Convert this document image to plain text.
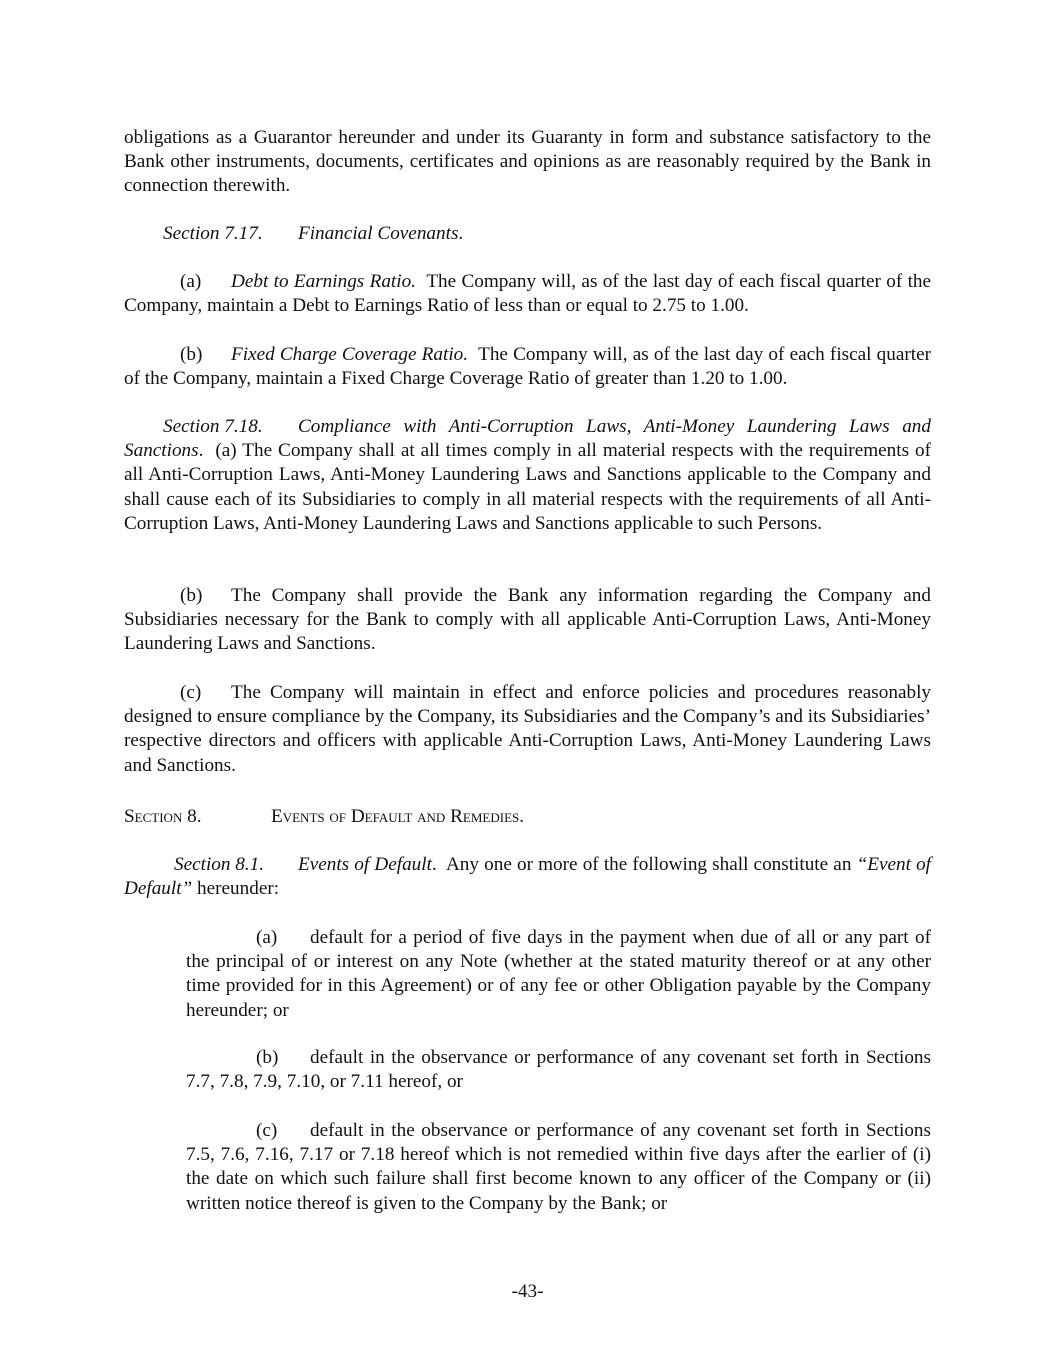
obligations as a Guarantor hereunder and under its Guaranty in form and substance satisfactory to the Bank other instruments, documents, certificates and opinions as are reasonably required by the Bank in connection therewith.

Section 7.17. Financial Covenants.

(a) Debt to Earnings Ratio. The Company will, as of the last day of each fiscal quarter of the Company, maintain a Debt to Earnings Ratio of less than or equal to 2.75 to 1.00.

(b) Fixed Charge Coverage Ratio. The Company will, as of the last day of each fiscal quarter of the Company, maintain a Fixed Charge Coverage Ratio of greater than 1.20 to 1.00.

Section 7.18. Compliance with Anti-Corruption Laws, Anti-Money Laundering Laws and Sanctions. (a) The Company shall at all times comply in all material respects with the requirements of all Anti-Corruption Laws, Anti-Money Laundering Laws and Sanctions applicable to the Company and shall cause each of its Subsidiaries to comply in all material respects with the requirements of all Anti-Corruption Laws, Anti-Money Laundering Laws and Sanctions applicable to such Persons.

(b) The Company shall provide the Bank any information regarding the Company and Subsidiaries necessary for the Bank to comply with all applicable Anti-Corruption Laws, Anti-Money Laundering Laws and Sanctions.

(c) The Company will maintain in effect and enforce policies and procedures reasonably designed to ensure compliance by the Company, its Subsidiaries and the Company’s and its Subsidiaries’ respective directors and officers with applicable Anti-Corruption Laws, Anti-Money Laundering Laws and Sanctions.

Section 8.	Events of Default and Remedies.

Section 8.1. Events of Default. Any one or more of the following shall constitute an “Event of Default” hereunder:

(a) default for a period of five days in the payment when due of all or any part of the principal of or interest on any Note (whether at the stated maturity thereof or at any other time provided for in this Agreement) or of any fee or other Obligation payable by the Company hereunder; or

(b) default in the observance or performance of any covenant set forth in Sections 7.7, 7.8, 7.9, 7.10, or 7.11 hereof, or

(c) default in the observance or performance of any covenant set forth in Sections 7.5, 7.6, 7.16, 7.17 or 7.18 hereof which is not remedied within five days after the earlier of (i) the date on which such failure shall first become known to any officer of the Company or (ii) written notice thereof is given to the Company by the Bank; or

-43-
